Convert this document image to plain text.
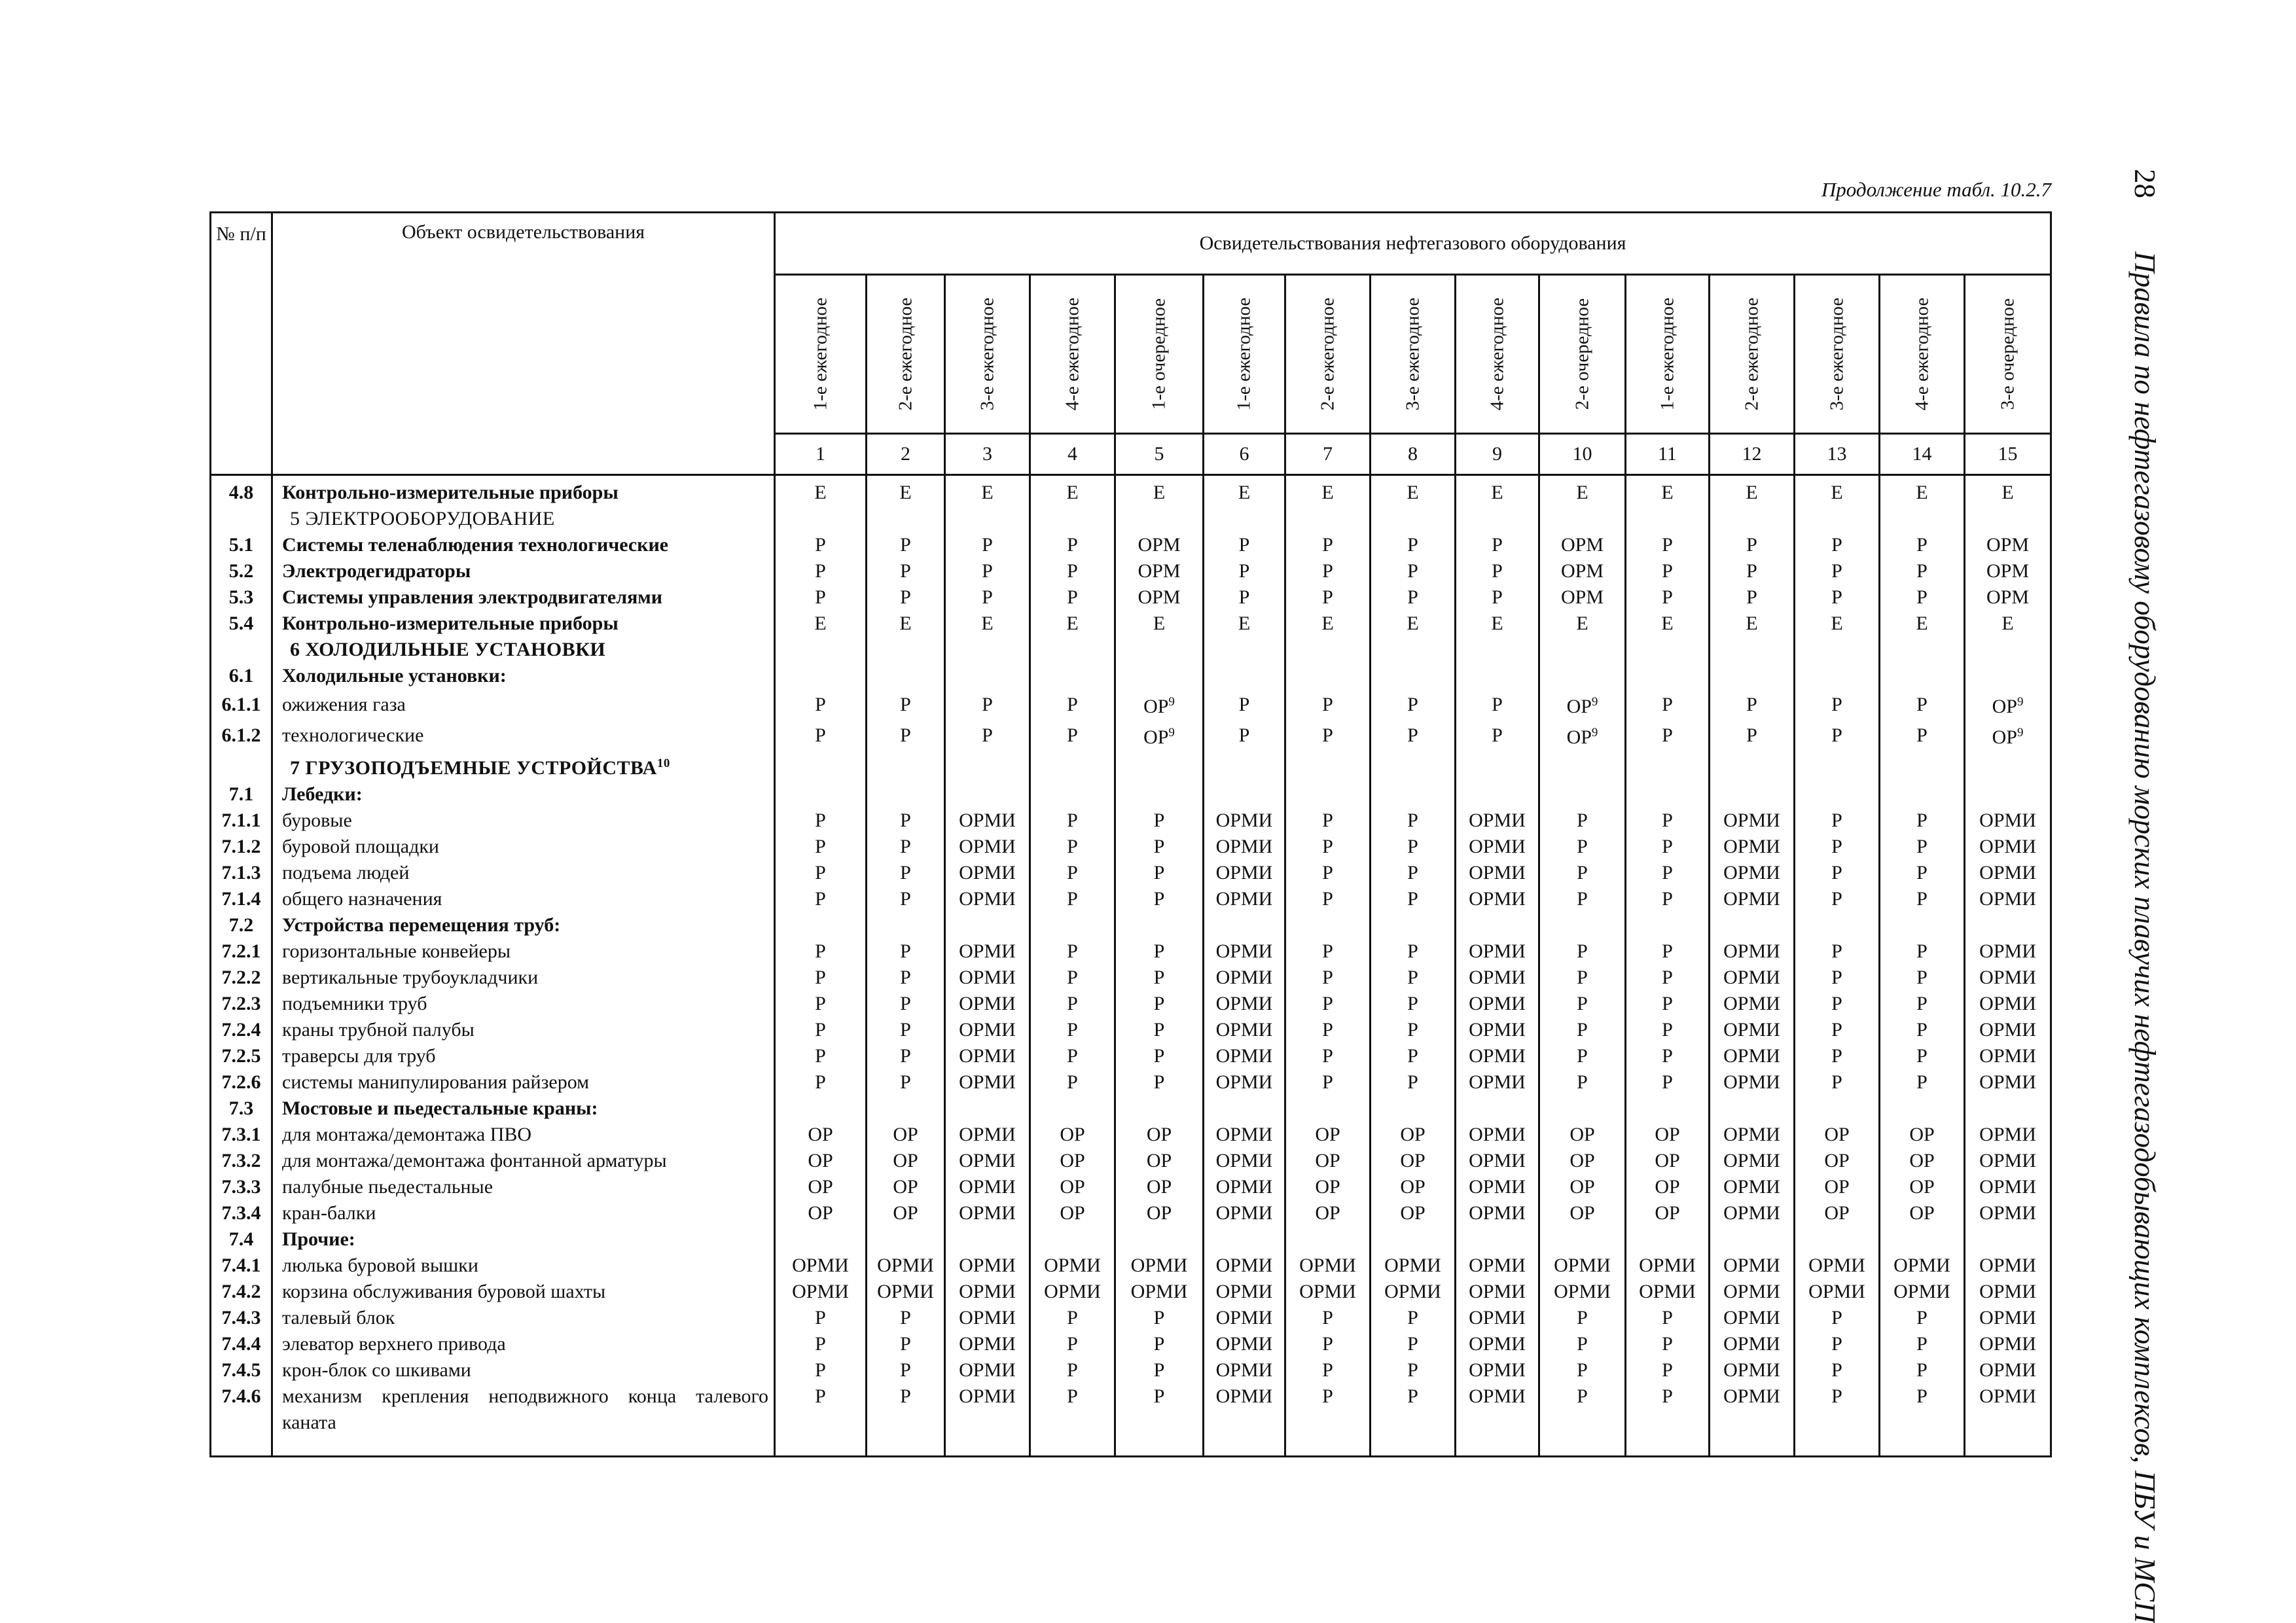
Продолжение табл. 10.2.7	28 Правила по нефтегазовому оборудованию морских плавучих нефтегазодобывающих комплексов, ПБУ и МСП
№ п/п	Объект освидетельствования	Освидетельствования нефтегазового оборудования														

		1-е ежегодное	2-е ежегодное	3-е ежегодное	4-е ежегодное	1-е очередное	1-е ежегодное	2-е ежегодное	3-е ежегодное	4-е ежегодное	2-е очередное	1-е ежегодное	2-е ежегодное	3-е ежегодное	4-е ежегодное	3-е очередное

		1	2	3	4	5	6	7	8	9	10	11	12	13	14	15
4.8	Контрольно-измерительные приборы	Е	Е	Е	Е	Е	Е	Е	Е	Е	Е	Е	Е	Е	Е	Е
	5 ЭЛЕКТРООБОРУДОВАНИЕ															
5.1	Системы теленаблюдения технологические	Р	Р	Р	Р	ОРМ	Р	Р	Р	Р	ОРМ	Р	Р	Р	Р	ОРМ
5.2	Электродегидраторы	Р	Р	Р	Р	ОРМ	Р	Р	Р	Р	ОРМ	Р	Р	Р	Р	ОРМ
5.3	Системы управления электродвигателями	Р	Р	Р	Р	ОРМ	Р	Р	Р	Р	ОРМ	Р	Р	Р	Р	ОРМ
5.4	Контрольно-измерительные приборы	Е	Е	Е	Е	Е	Е	Е	Е	Е	Е	Е	Е	Е	Е	Е
	6 ХОЛОДИЛЬНЫЕ УСТАНОВКИ															
6.1	Холодильные установки:															
6.1.1	ожижения газа	Р	Р	Р	Р	$ОР^9$	Р	Р	Р	Р	$ОР^9$	Р	Р	Р	Р	$ОР^9$
6.1.2	технологические	Р	Р	Р	Р	$ОР^9$	Р	Р	Р	Р	$ОР^9$	Р	Р	Р	Р	$ОР^9$
	7 ГРУЗОПОДЪЕМНЫЕ УСТРОЙСТВА$^{10}$															
7.1	Лебедки:															
7.1.1	буровые	Р	Р	ОРМИ	Р	Р	ОРМИ	Р	Р	ОРМИ	Р	Р	ОРМИ	Р	Р	ОРМИ
7.1.2	буровой площадки	Р	Р	ОРМИ	Р	Р	ОРМИ	Р	Р	ОРМИ	Р	Р	ОРМИ	Р	Р	ОРМИ
7.1.3	подъема людей	Р	Р	ОРМИ	Р	Р	ОРМИ	Р	Р	ОРМИ	Р	Р	ОРМИ	Р	Р	ОРМИ
7.1.4	общего назначения	Р	Р	ОРМИ	Р	Р	ОРМИ	Р	Р	ОРМИ	Р	Р	ОРМИ	Р	Р	ОРМИ
7.2	Устройства перемещения труб:															
7.2.1	горизонтальные конвейеры	Р	Р	ОРМИ	Р	Р	ОРМИ	Р	Р	ОРМИ	Р	Р	ОРМИ	Р	Р	ОРМИ
7.2.2	вертикальные трубоукладчики	Р	Р	ОРМИ	Р	Р	ОРМИ	Р	Р	ОРМИ	Р	Р	ОРМИ	Р	Р	ОРМИ
7.2.3	подъемники труб	Р	Р	ОРМИ	Р	Р	ОРМИ	Р	Р	ОРМИ	Р	Р	ОРМИ	Р	Р	ОРМИ
7.2.4	краны трубной палубы	Р	Р	ОРМИ	Р	Р	ОРМИ	Р	Р	ОРМИ	Р	Р	ОРМИ	Р	Р	ОРМИ
7.2.5	траверсы для труб	Р	Р	ОРМИ	Р	Р	ОРМИ	Р	Р	ОРМИ	Р	Р	ОРМИ	Р	Р	ОРМИ
7.2.6	системы манипулирования райзером	Р	Р	ОРМИ	Р	Р	ОРМИ	Р	Р	ОРМИ	Р	Р	ОРМИ	Р	Р	ОРМИ
7.3	Мостовые и пьедестальные краны:															
7.3.1	для монтажа/демонтажа ПВО	ОР	ОР	ОРМИ	ОР	ОР	ОРМИ	ОР	ОР	ОРМИ	ОР	ОР	ОРМИ	ОР	ОР	ОРМИ
7.3.2	для монтажа/демонтажа фонтанной арматуры	ОР	ОР	ОРМИ	ОР	ОР	ОРМИ	ОР	ОР	ОРМИ	ОР	ОР	ОРМИ	ОР	ОР	ОРМИ
7.3.3	палубные пьедестальные	ОР	ОР	ОРМИ	ОР	ОР	ОРМИ	ОР	ОР	ОРМИ	ОР	ОР	ОРМИ	ОР	ОР	ОРМИ
7.3.4	кран-балки	ОР	ОР	ОРМИ	ОР	ОР	ОРМИ	ОР	ОР	ОРМИ	ОР	ОР	ОРМИ	ОР	ОР	ОРМИ
7.4	Прочие:															
7.4.1	люлька буровой вышки	ОРМИ	ОРМИ	ОРМИ	ОРМИ	ОРМИ	ОРМИ	ОРМИ	ОРМИ	ОРМИ	ОРМИ	ОРМИ	ОРМИ	ОРМИ	ОРМИ	ОРМИ
7.4.2	корзина обслуживания буровой шахты	ОРМИ	ОРМИ	ОРМИ	ОРМИ	ОРМИ	ОРМИ	ОРМИ	ОРМИ	ОРМИ	ОРМИ	ОРМИ	ОРМИ	ОРМИ	ОРМИ	ОРМИ
7.4.3	талевый блок	Р	Р	ОРМИ	Р	Р	ОРМИ	Р	Р	ОРМИ	Р	Р	ОРМИ	Р	Р	ОРМИ
7.4.4	элеватор верхнего привода	Р	Р	ОРМИ	Р	Р	ОРМИ	Р	Р	ОРМИ	Р	Р	ОРМИ	Р	Р	ОРМИ
7.4.5	крон-блок со шкивами	Р	Р	ОРМИ	Р	Р	ОРМИ	Р	Р	ОРМИ	Р	Р	ОРМИ	Р	Р	ОРМИ
7.4.6	механизм крепления неподвижного конца талевого каната	Р	Р	ОРМИ	Р	Р	ОРМИ	Р	Р	ОРМИ	Р	Р	ОРМИ	Р	Р	ОРМИ
